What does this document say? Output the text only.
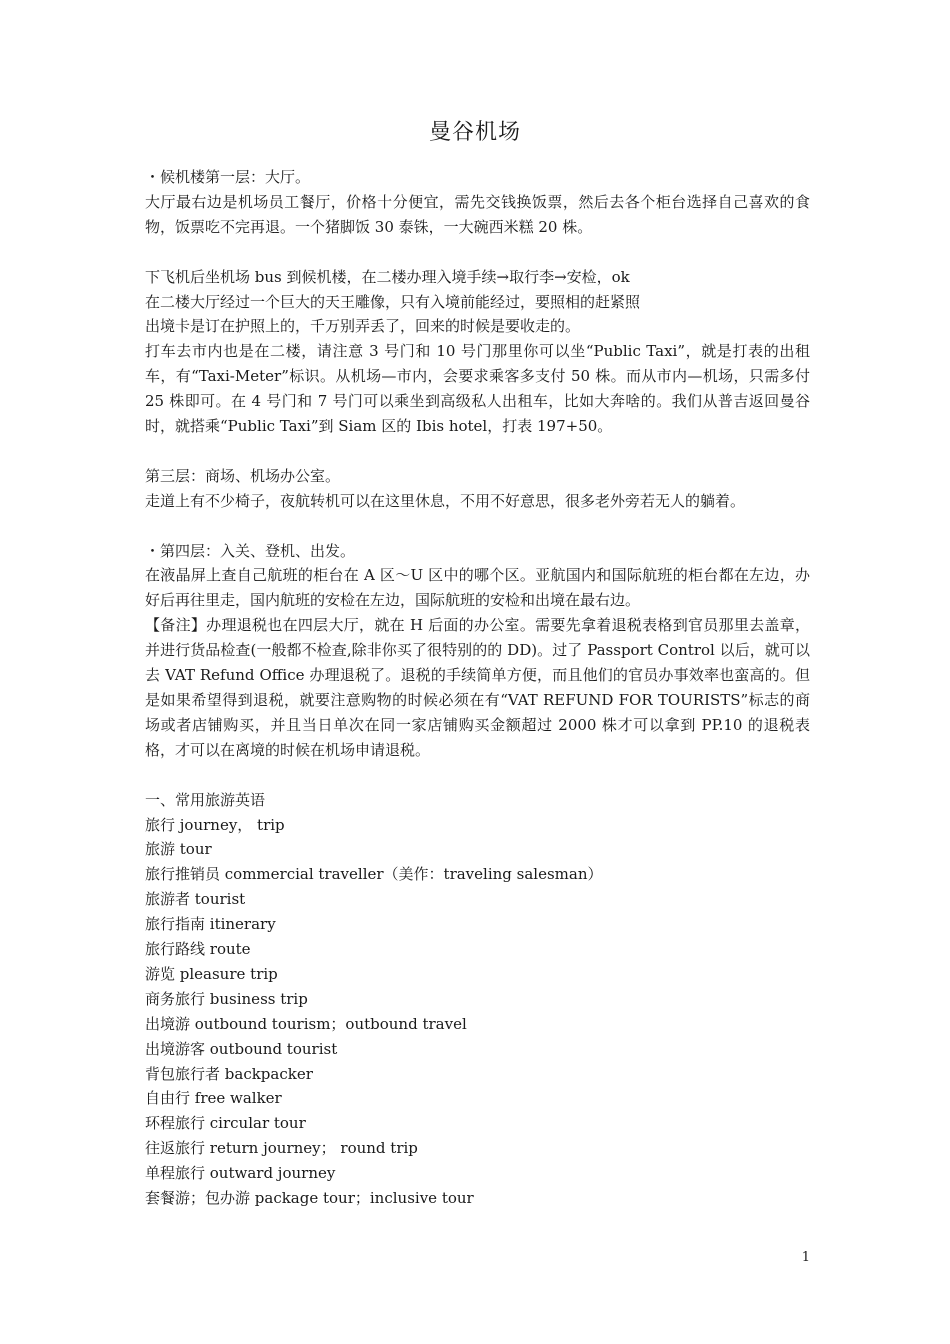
曼谷机场

・候机楼第一层：大厅。

大厅最右边是机场员工餐厅，价格十分便宜，需先交钱换饭票，然后去各个柜台选择自己喜欢的食物，饭票吃不完再退。一个猪脚饭 30 泰铢，一大碗西米糕 20 株。

下飞机后坐机场 bus 到候机楼，在二楼办理入境手续→取行李→安检，ok

在二楼大厅经过一个巨大的天王雕像，只有入境前能经过，要照相的赶紧照

出境卡是订在护照上的，千万别弄丢了，回来的时候是要收走的。

打车去市内也是在二楼，请注意 3 号门和 10 号门那里你可以坐“Public Taxi”，就是打表的出租车，有“Taxi-Meter”标识。从机场—市内，会要求乘客多支付 50 株。而从市内—机场，只需多付 25 株即可。在 4 号门和 7 号门可以乘坐到高级私人出租车，比如大奔啥的。我们从普吉返回曼谷时，就搭乘“Public Taxi”到 Siam 区的 Ibis hotel，打表 197+50。

第三层：商场、机场办公室。

走道上有不少椅子，夜航转机可以在这里休息，不用不好意思，很多老外旁若无人的躺着。

・第四层：入关、登机、出发。

在液晶屏上查自己航班的柜台在 A 区～U 区中的哪个区。亚航国内和国际航班的柜台都在左边，办好后再往里走，国内航班的安检在左边，国际航班的安检和出境在最右边。

【备注】办理退税也在四层大厅，就在 H 后面的办公室。需要先拿着退税表格到官员那里去盖章，并进行货品检查(一般都不检查,除非你买了很特别的的 DD)。过了 Passport Control 以后，就可以去 VAT Refund Office 办理退税了。退税的手续简单方便，而且他们的官员办事效率也蛮高的。但是如果希望得到退税，就要注意购物的时候必须在有“VAT REFUND FOR TOURISTS”标志的商场或者店铺购买，并且当日单次在同一家店铺购买金额超过 2000 株才可以拿到 PP.10 的退税表格，才可以在离境的时候在机场申请退税。

一、常用旅游英语

旅行 journey， trip
旅游 tour
旅行推销员 commercial traveller（美作：traveling salesman）
旅游者 tourist
旅行指南 itinerary
旅行路线 route
游览 pleasure trip
商务旅行 business trip
出境游 outbound tourism；outbound travel
出境游客 outbound tourist
背包旅行者 backpacker
自由行 free walker
环程旅行 circular tour
往返旅行 return journey； round trip
单程旅行 outward journey
套餐游；包办游 package tour；inclusive tour
1
